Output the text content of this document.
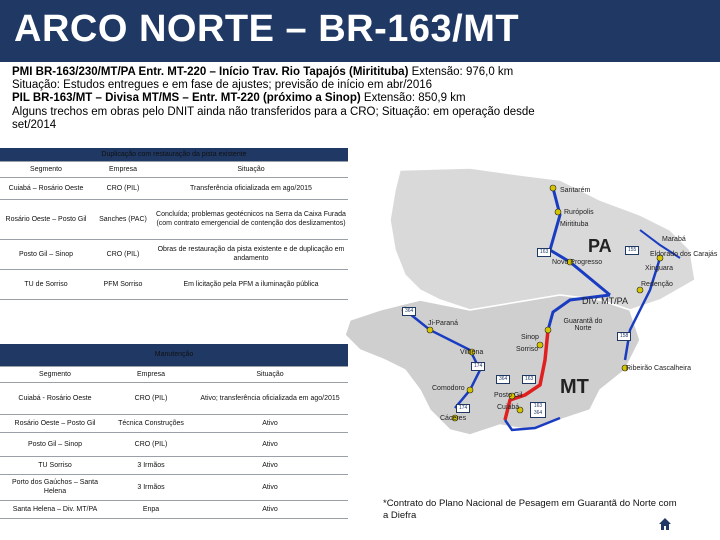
ARCO NORTE – BR-163/MT
PMI BR-163/230/MT/PA Entr. MT-220 – Início Trav. Rio Tapajós (Miritituba) Extensão: 976,0 km
Situação: Estudos entregues e em fase de ajustes; previsão de início em abr/2016
PIL BR-163/MT – Divisa MT/MS – Entr. MT-220 (próximo a Sinop) Extensão: 850,9 km
Alguns trechos em obras pelo DNIT ainda não transferidos para a CRO; Situação: em operação desde set/2014
Duplicação com restauração da pista existente		
Segmento	Empresa	Situação
Cuiabá – Rosário Oeste	CRO (PIL)	Transferência oficializada em ago/2015
Rosário Oeste – Posto Gil	Sanches (PAC)	Concluída; problemas geotécnicos na Serra da Caixa Furada (com contrato emergencial de contenção dos deslizamentos)
Posto Gil – Sinop	CRO (PIL)	Obras de restauração da pista existente e de duplicação em andamento
TU de Sorriso	PFM Sorriso	Em licitação pela PFM a iluminação pública
PA
MT
DIV. MT/PA
Santarém
Rurópolis
Miritituba
Novo Progresso
Marabá
Eldorado dos Carajás
Xinguara
Redenção
Ji-Paraná	Guarantã do Norte
Sinop
Sorriso
Vilhena
Ribeirão Cascalheira
Comodoro
Posto Gil
Cuiabá
Cáceres
163	155
364
158
174
364	163
174	163 364
Manutenção		
Segmento	Empresa	Situação
Cuiabá - Rosário Oeste	CRO (PIL)	Ativo; transferência oficializada em ago/2015
Rosário Oeste – Posto Gil	Técnica Construções	Ativo
Posto Gil – Sinop	CRO (PIL)	Ativo
TU Sorriso	3 Irmãos	Ativo
Porto dos Gaúchos – Santa Helena	3 Irmãos	Ativo
Santa Helena – Div. MT/PA	Enpa	Ativo	*Contrato do Plano Nacional de Pesagem em Guarantã do Norte com a Diefra
